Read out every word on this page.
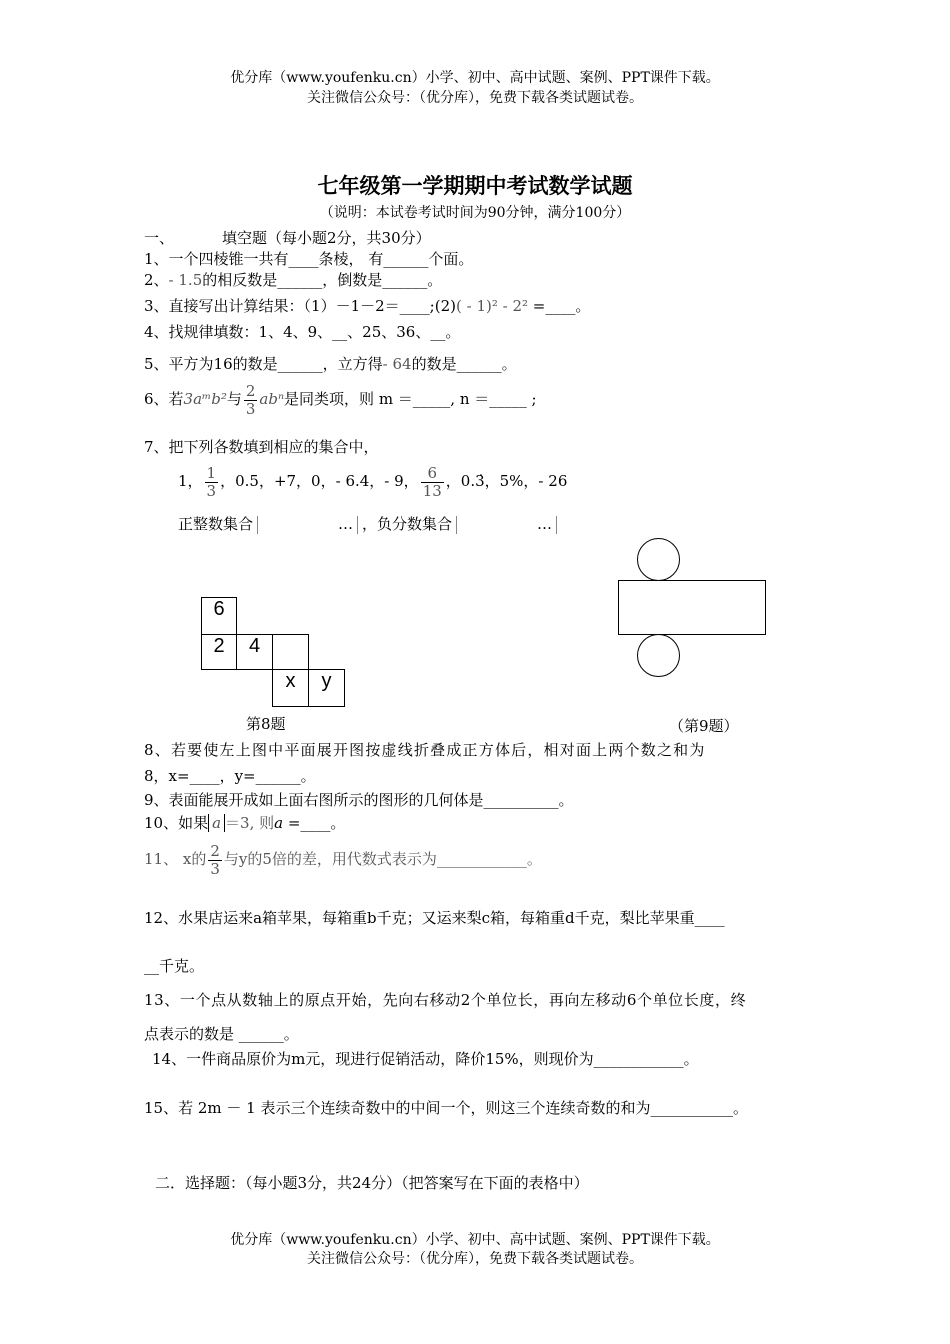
优分库（www.youfenku.cn）小学、初中、高中试题、案例、PPT课件下载。
关注微信公众号：（优分库），免费下载各类试题试卷。
七年级第一学期期中考试数学试题
（说明：本试卷考试时间为90分钟，满分100分）
一、	填空题（每小题2分，共30分）
1、一个四棱锥一共有____条棱， 有______个面。
2、- 1.5的相反数是______，倒数是______。
3、直接写出计算结果：（1）－1－2＝____;(2)( - 1)² - 2² =____。
4、找规律填数：1、4、9、__、25、36、__。
5、平方为16的数是______，立方得- 64的数是______。
6、若3aᵐb²与 $\frac{2}{3}$ abⁿ是同类项，则 m ＝_____, n ＝_____ ;
7、把下列各数填到相应的集合中，
1， $\frac{1}{3}$ ，0.5，+7，0，- 6.4，- 9， $\frac{6}{13}$ ，0.3̇，5%，- 26
正整数集合	… ，负分数集合	…
6
2	4
x	y
第8题	（第9题）
8、若要使左上图中平面展开图按虚线折叠成正方体后，相对面上两个数之和为
8，x=____，y=______。
9、表面能展开成如上面右图所示的图形的几何体是__________。
10、如果 a ＝3, 则a =____。
11、 x的 $\frac{2}{3}$ 与y的5倍的差，用代数式表示为____________。
12、水果店运来a箱苹果，每箱重b千克；又运来梨c箱，每箱重d千克，梨比苹果重____
__千克。
13、一个点从数轴上的原点开始，先向右移动2个单位长，再向左移动6个单位长度，终
点表示的数是 ______。
14、一件商品原价为m元，现进行促销活动，降价15%，则现价为____________。
15、若 2m － 1 表示三个连续奇数中的中间一个，则这三个连续奇数的和为___________。
二．选择题：（每小题3分，共24分）（把答案写在下面的表格中）
优分库（www.youfenku.cn）小学、初中、高中试题、案例、PPT课件下载。
关注微信公众号：（优分库），免费下载各类试题试卷。
